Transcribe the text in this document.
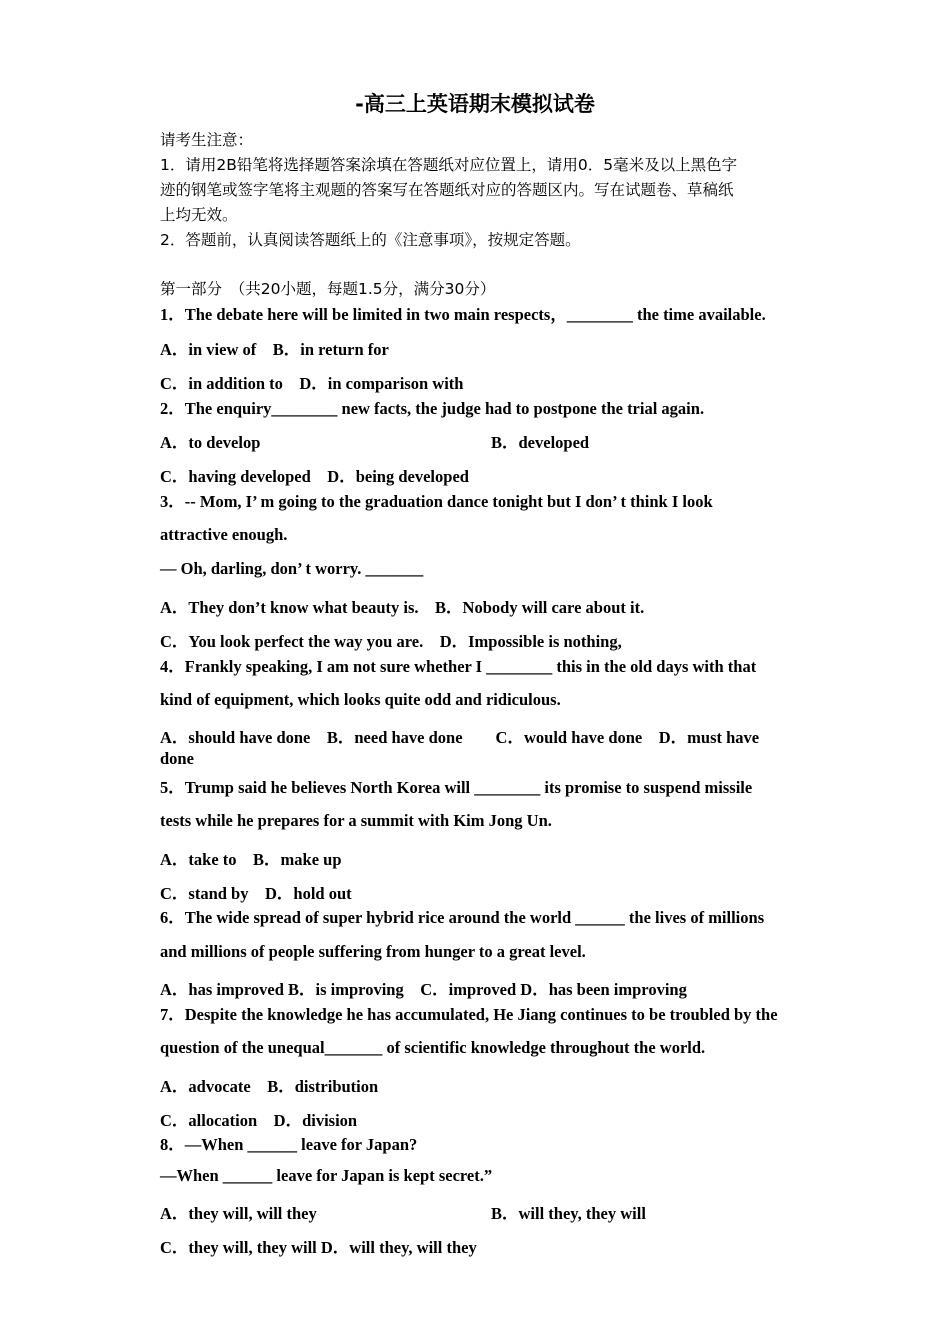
-高三上英语期末模拟试卷
请考生注意：
1．请用2B铅笔将选择题答案涂填在答题纸对应位置上，请用0．5毫米及以上黑色字
迹的钢笔或签字笔将主观题的答案写在答题纸对应的答题区内。写在试题卷、草稿纸
上均无效。
2．答题前，认真阅读答题纸上的《注意事项》，按规定答题。
第一部分　（共20小题，每题1.5分，满分30分）
1．The debate here will be limited in two main respects，________ the time available.
A．in view of　B．in return for
C．in addition to　D．in comparison with
2．The enquiry________ new facts, the judge had to postpone the trial again.
A．to develop	B．developed
C．having developed　D．being developed
3．-- Mom, I’ m going to the graduation dance tonight but I don’ t think I look
attractive enough.
— Oh, darling, don’ t worry. _______
A．They don’t know what beauty is.　B．Nobody will care about it.
C．You look perfect the way you are.　D．Impossible is nothing,
4．Frankly speaking, I am not sure whether I ________ this in the old days with that
kind of equipment, which looks quite odd and ridiculous.
A．should have done　B．need have done　　C．would have done　D．must have
done
5．Trump said he believes North Korea will ________ its promise to suspend missile
tests while he prepares for a summit with Kim Jong Un.
A．take to　B．make up
C．stand by　D．hold out
6．The wide spread of super hybrid rice around the world ______ the lives of millions
and millions of people suffering from hunger to a great level.
A．has improved B．is improving　C．improved D．has been improving
7．Despite the knowledge he has accumulated, He Jiang continues to be troubled by the
question of the unequal_______ of scientific knowledge throughout the world.
A．advocate　B．distribution
C．allocation　D．division
8．—When ______ leave for Japan?
—When ______ leave for Japan is kept secret.”
A．they will, will they	B．will they, they will
C．they will, they will D．will they, will they
